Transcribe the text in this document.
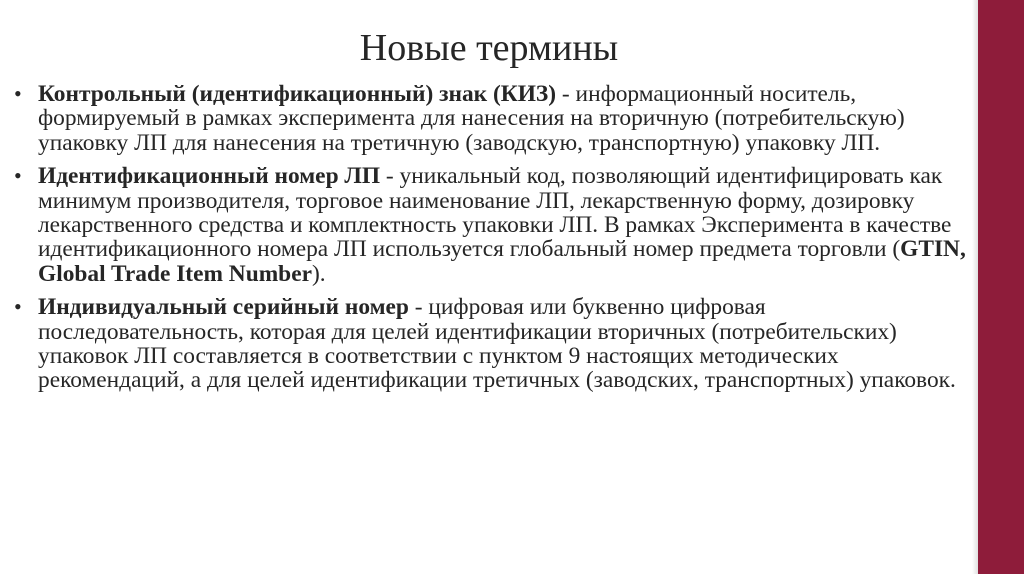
Новые термины
• Контрольный (идентификационный) знак (КИЗ) - информационный носитель, формируемый в рамках эксперимента для нанесения на вторичную (потребительскую) упаковку ЛП для нанесения на третичную (заводскую, транспортную) упаковку ЛП.
• Идентификационный номер ЛП - уникальный код, позволяющий идентифицировать как минимум производителя, торговое наименование ЛП, лекарственную форму, дозировку лекарственного средства и комплектность упаковки ЛП. В рамках Эксперимента в качестве идентификационного номера ЛП используется глобальный номер предмета торговли (GTIN, Global Trade Item Number).
• Индивидуальный серийный номер - цифровая или буквенно цифровая последовательность, которая для целей идентификации вторичных (потребительских) упаковок ЛП составляется в соответствии с пунктом 9 настоящих методических рекомендаций, а для целей идентификации третичных (заводских, транспортных) упаковок.
